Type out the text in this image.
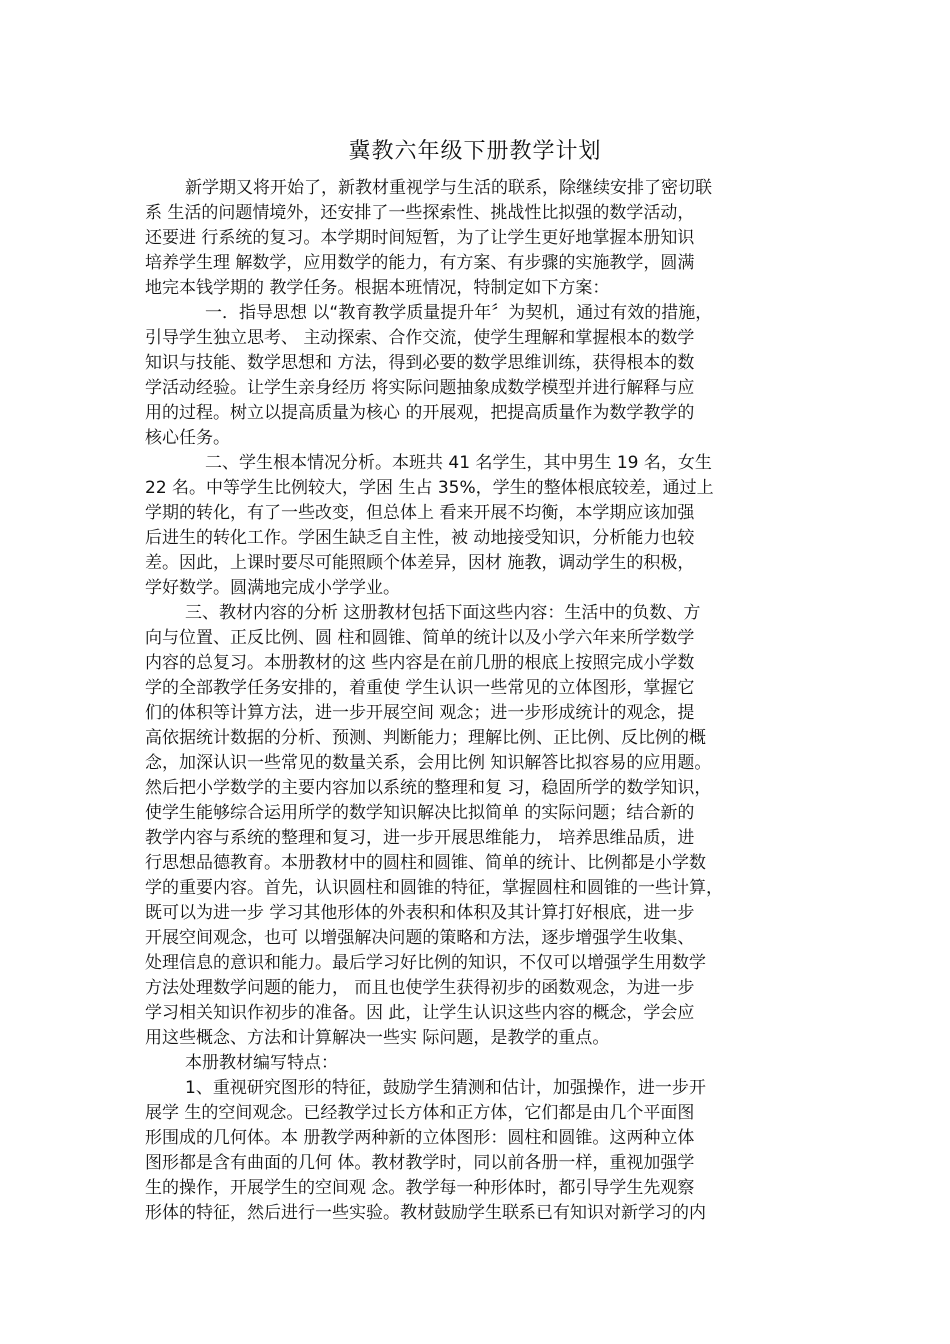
冀教六年级下册教学计划
新学期又将开始了，新教材重视学与生活的联系，除继续安排了密切联
系 生活的问题情境外，还安排了一些探索性、挑战性比拟强的数学活动，
还要进 行系统的复习。本学期时间短暂，为了让学生更好地掌握本册知识
培养学生理 解数学，应用数学的能力，有方案、有步骤的实施教学，圆满
地完本钱学期的 教学任务。根据本班情况，特制定如下方案：
一．指导思想 以“教育教学质量提升年〞为契机，通过有效的措施，
引导学生独立思考、 主动探索、合作交流，使学生理解和掌握根本的数学
知识与技能、数学思想和 方法，得到必要的数学思维训练，获得根本的数
学活动经验。让学生亲身经历 将实际问题抽象成数学模型并进行解释与应
用的过程。树立以提高质量为核心 的开展观，把提高质量作为数学教学的
核心任务。
二、学生根本情况分析。本班共 41 名学生，其中男生 19 名，女生
22 名。中等学生比例较大，学困 生占 35%，学生的整体根底较差，通过上
学期的转化，有了一些改变，但总体上 看来开展不均衡，本学期应该加强
后进生的转化工作。学困生缺乏自主性，被 动地接受知识，分析能力也较
差。因此，上课时要尽可能照顾个体差异，因材 施教，调动学生的积极，
学好数学。圆满地完成小学学业。
三、教材内容的分析 这册教材包括下面这些内容：生活中的负数、方
向与位置、正反比例、圆 柱和圆锥、简单的统计以及小学六年来所学数学
内容的总复习。本册教材的这 些内容是在前几册的根底上按照完成小学数
学的全部教学任务安排的，着重使 学生认识一些常见的立体图形，掌握它
们的体积等计算方法，进一步开展空间 观念；进一步形成统计的观念，提
高依据统计数据的分析、预测、判断能力；理解比例、正比例、反比例的概
念，加深认识一些常见的数量关系，会用比例 知识解答比拟容易的应用题。
然后把小学数学的主要内容加以系统的整理和复 习，稳固所学的数学知识，
使学生能够综合运用所学的数学知识解决比拟简单 的实际问题；结合新的
教学内容与系统的整理和复习，进一步开展思维能力， 培养思维品质，进
行思想品德教育。本册教材中的圆柱和圆锥、简单的统计、比例都是小学数
学的重要内容。首先，认识圆柱和圆锥的特征，掌握圆柱和圆锥的一些计算，
既可以为进一步 学习其他形体的外表积和体积及其计算打好根底，进一步
开展空间观念，也可 以增强解决问题的策略和方法，逐步增强学生收集、
处理信息的意识和能力。最后学习好比例的知识，不仅可以增强学生用数学
方法处理数学问题的能力， 而且也使学生获得初步的函数观念，为进一步
学习相关知识作初步的准备。因 此，让学生认识这些内容的概念，学会应
用这些概念、方法和计算解决一些实 际问题，是教学的重点。
本册教材编写特点：
1、重视研究图形的特征，鼓励学生猜测和估计，加强操作，进一步开
展学 生的空间观念。已经教学过长方体和正方体，它们都是由几个平面图
形围成的几何体。本 册教学两种新的立体图形：圆柱和圆锥。这两种立体
图形都是含有曲面的几何 体。教材教学时，同以前各册一样，重视加强学
生的操作，开展学生的空间观 念。教学每一种形体时，都引导学生先观察
形体的特征，然后进行一些实验。教材鼓励学生联系已有知识对新学习的内
